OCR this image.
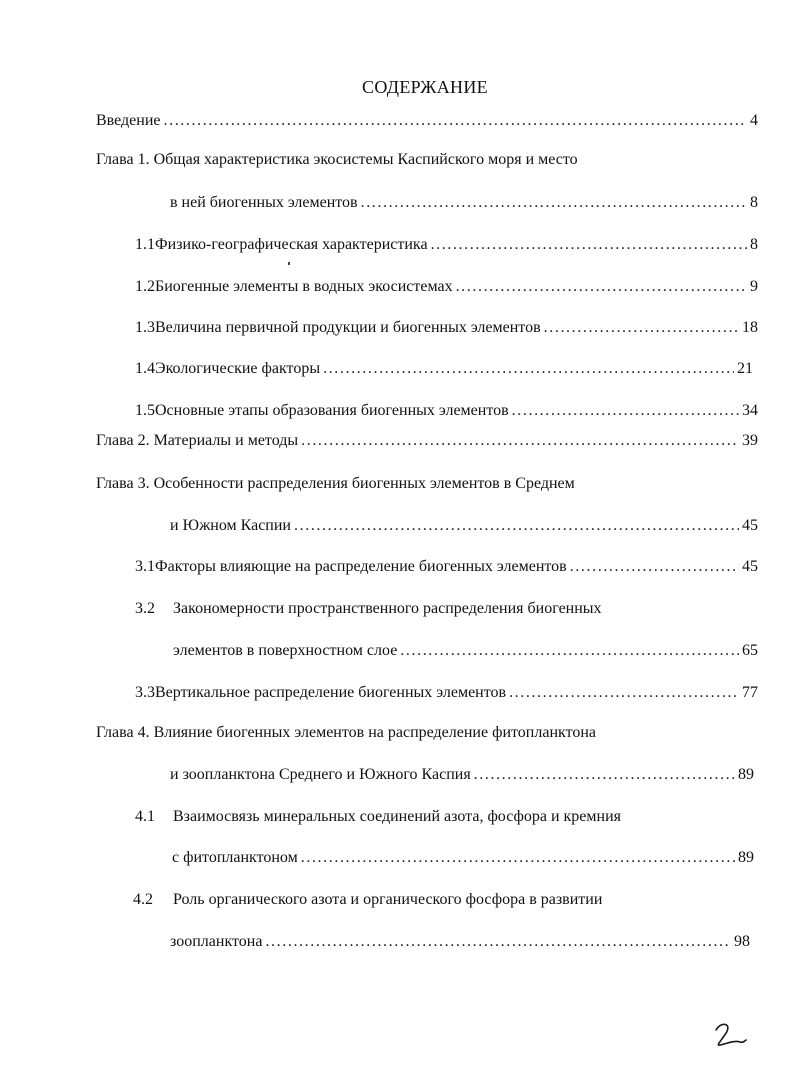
СОДЕРЖАНИЕ
Введение .....	4
Глава 1. Общая характеристика экосистемы Каспийского моря и место
в ней биогенных элементов .....	8
1.1 Физико-географическая характеристика .....	8
1.2 Биогенные элементы в водных экосистемах .....	9
1.3 Величина первичной продукции и биогенных элементов .....	18
1.4 Экологические факторы .....	21
1.5 Основные этапы образования биогенных элементов .....	34
Глава 2. Материалы и методы .....	39
Глава 3. Особенности распределения биогенных элементов в Среднем
и Южном Каспии .....	45
3.1 Факторы влияющие на распределение биогенных элементов .....	45
3.2	Закономерности пространственного распределения биогенных
элементов в поверхностном слое .....	65
3.3 Вертикальное распределение биогенных элементов .....	77
Глава 4. Влияние биогенных элементов на распределение фитопланктона
и зоопланктона Среднего и Южного Каспия .....	89
4.1	Взаимосвязь минеральных соединений азота, фосфора и кремния
с фитопланктоном .....	89
4.2	Роль органического азота и органического фосфора в развитии
зоопланктона .....	98
